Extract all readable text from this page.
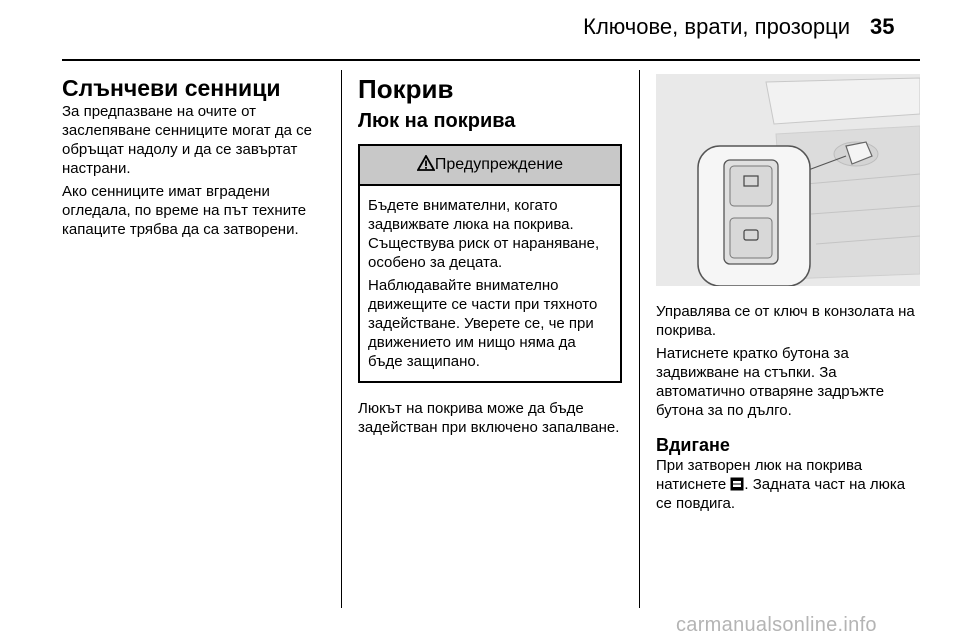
Ключове, врати, прозорци 35
Слънчеви сенници

За предпазване на очите от заслепяване сенниците могат да се обръщат надолу и да се завъртат настрани.

Ако сенниците имат вградени огледала, по време на път техните капаците трябва да са затворени.

Покрив
Люк на покрива
Предупреждение

Бъдете внимателни, когато задвижвате люка на покрива. Съществува риск от нараняване, особено за децата.

Наблюдавайте внимателно движещите се части при тяхното задействане. Уверете се, че при движението им нищо няма да бъде защипано.

Люкът на покрива може да бъде задействан при включено запалване.

Управлява се от ключ в конзолата на покрива.

Натиснете кратко бутона за задвижване на стъпки. За автоматично отваряне задръжте бутона за по дълго.

Вдигане

При затворен люк на покрива натиснете . Задната част на люка се повдига.

carmanualsonline.info
